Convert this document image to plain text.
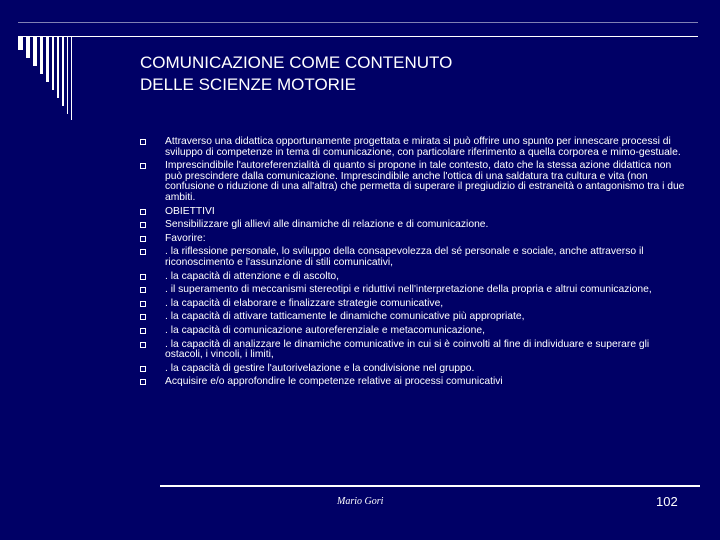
COMUNICAZIONE COME CONTENUTO
DELLE SCIENZE MOTORIE
Attraverso una didattica opportunamente progettata e mirata si può offrire uno spunto per innescare processi di sviluppo di competenze in tema di comunicazione, con particolare riferimento a quella corporea e mimo-gestuale.
Imprescindibile l'autoreferenzialità di quanto si propone in tale contesto, dato che la stessa azione didattica non può prescindere dalla comunicazione. Imprescindibile anche l'ottica di una saldatura tra cultura e vita (non confusione o riduzione di una all'altra) che permetta di superare il pregiudizio di estraneità o antagonismo tra i due ambiti.
OBIETTIVI
Sensibilizzare gli allievi alle dinamiche di relazione e di comunicazione.
Favorire:
. la riflessione personale, lo sviluppo della consapevolezza del sé personale e sociale, anche attraverso il riconoscimento e l'assunzione di stili comunicativi,
. la capacità di attenzione e di ascolto,
. il superamento di meccanismi stereotipi e riduttivi nell'interpretazione della propria e altrui comunicazione,
. la capacità di elaborare e finalizzare strategie comunicative,
. la capacità di attivare tatticamente le dinamiche comunicative più appropriate,
. la capacità di comunicazione autoreferenziale e metacomunicazione,
. la capacità di analizzare le dinamiche comunicative in cui si è coinvolti al fine di individuare e superare gli ostacoli, i vincoli, i limiti,
. la capacità di gestire l'autorivelazione e la condivisione nel gruppo.
Acquisire e/o approfondire le competenze relative ai processi comunicativi
Mario Gori	102
